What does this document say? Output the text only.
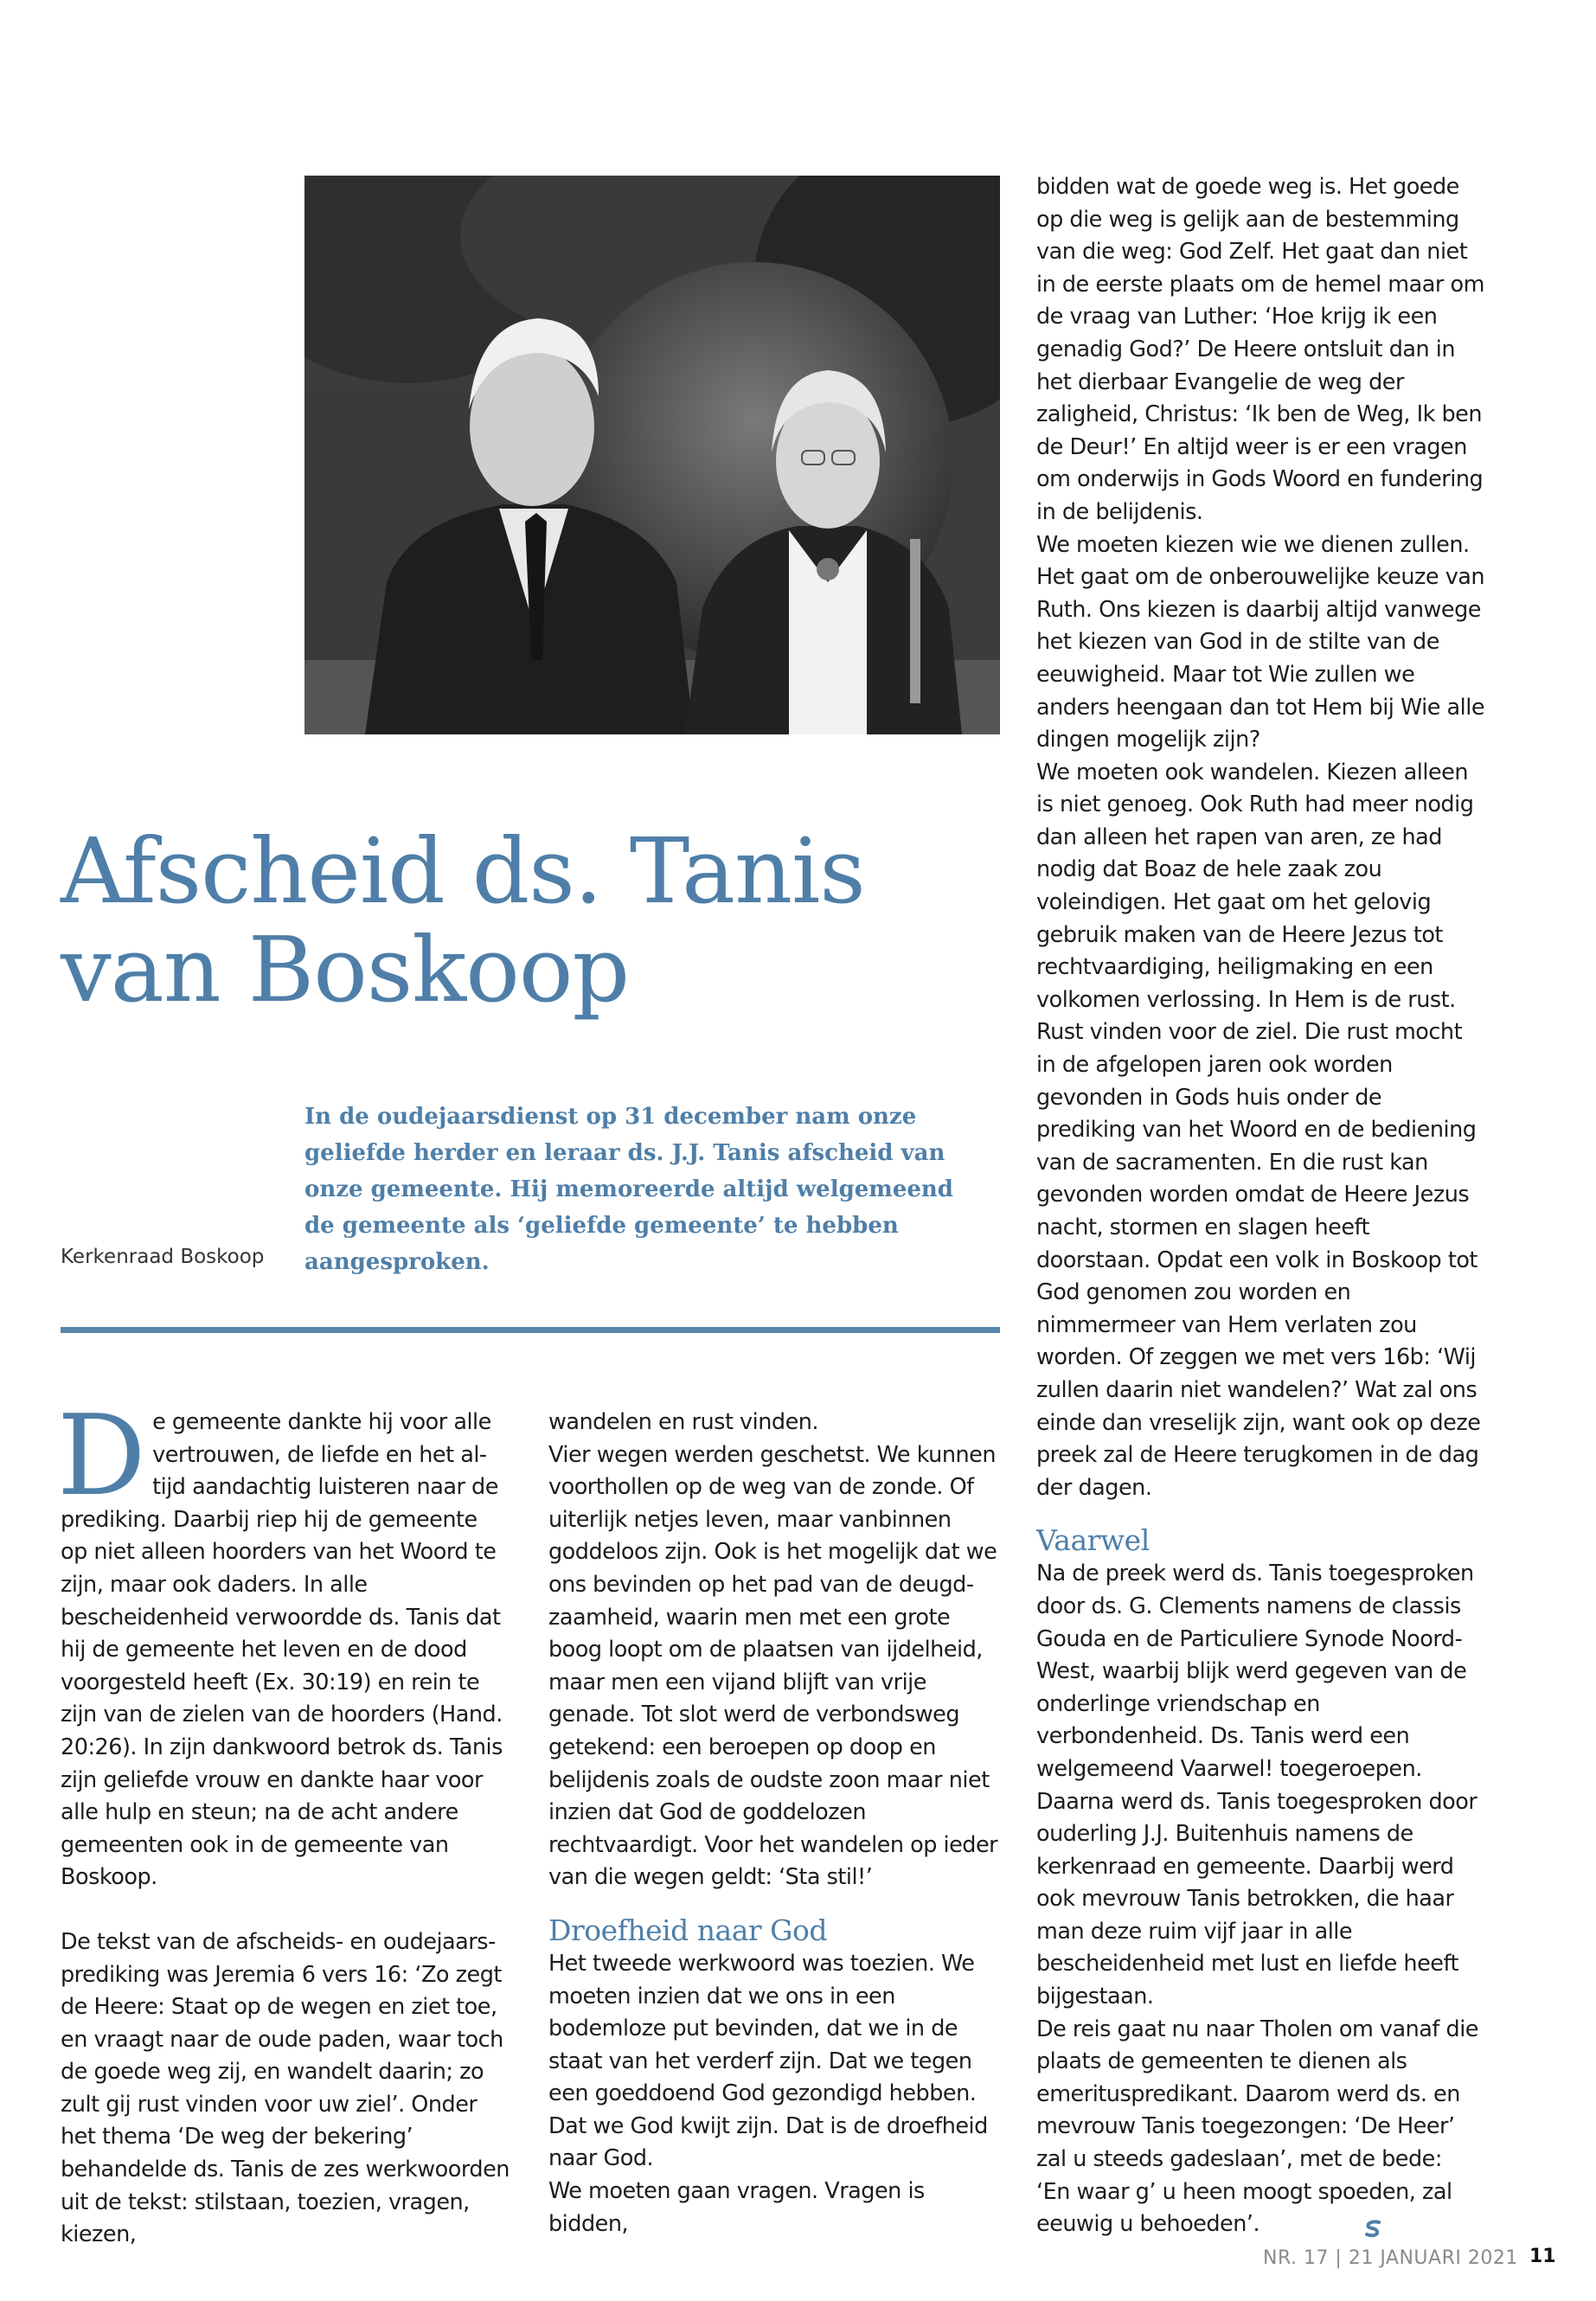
Afscheid ds. Tanis
van Boskoop
In de oudejaarsdienst op 31 december nam onze geliefde herder en leraar ds. J.J. Tanis afscheid van onze gemeente. Hij memoreerde altijd welgemeend de gemeente als ‘geliefde gemeente’ te hebben aangesproken.
Kerkenraad Boskoop

De gemeente dankte hij voor alle vertrouwen, de liefde en het altijd aandachtig luisteren naar de prediking. Daarbij riep hij de gemeente op niet alleen hoorders van het Woord te zijn, maar ook daders. In alle bescheidenheid verwoordde ds. Tanis dat hij de gemeente het leven en de dood voorgesteld heeft (Ex. 30:19) en rein te zijn van de zielen van de hoorders (Hand. 20:26). In zijn dankwoord betrok ds. Tanis zijn geliefde vrouw en dankte haar voor alle hulp en steun; na de acht andere gemeenten ook in de gemeente van Boskoop.

De tekst van de afscheids- en oudejaarsprediking was Jeremia 6 vers 16: ‘Zo zegt de Heere: Staat op de wegen en ziet toe, en vraagt naar de oude paden, waar toch de goede weg zij, en wandelt daarin; zo zult gij rust vinden voor uw ziel’. Onder het thema ‘De weg der bekering’ behandelde ds. Tanis de zes werkwoorden uit de tekst: stilstaan, toezien, vragen, kiezen,

wandelen en rust vinden.

Vier wegen werden geschetst. We kunnen voorthollen op de weg van de zonde. Of uiterlijk netjes leven, maar vanbinnen goddeloos zijn. Ook is het mogelijk dat we ons bevinden op het pad van de deugdzaamheid, waarin men met een grote boog loopt om de plaatsen van ijdelheid, maar men een vijand blijft van vrije genade. Tot slot werd de verbondsweg getekend: een beroepen op doop en belijdenis zoals de oudste zoon maar niet inzien dat God de goddelozen rechtvaardigt. Voor het wandelen op ieder van die wegen geldt: ‘Sta stil!’

Droefheid naar God

Het tweede werkwoord was toezien. We moeten inzien dat we ons in een bodemloze put bevinden, dat we in de staat van het verderf zijn. Dat we tegen een goeddoend God gezondigd hebben. Dat we God kwijt zijn. Dat is de droefheid naar God.

We moeten gaan vragen. Vragen is bidden,

bidden wat de goede weg is. Het goede op die weg is gelijk aan de bestemming van die weg: God Zelf. Het gaat dan niet in de eerste plaats om de hemel maar om de vraag van Luther: ‘Hoe krijg ik een genadig God?’ De Heere ontsluit dan in het dierbaar Evangelie de weg der zaligheid, Christus: ‘Ik ben de Weg, Ik ben de Deur!’ En altijd weer is er een vragen om onderwijs in Gods Woord en fundering in de belijdenis.

We moeten kiezen wie we dienen zullen. Het gaat om de onberouwelijke keuze van Ruth. Ons kiezen is daarbij altijd vanwege het kiezen van God in de stilte van de eeuwigheid. Maar tot Wie zullen we anders heengaan dan tot Hem bij Wie alle dingen mogelijk zijn?

We moeten ook wandelen. Kiezen alleen is niet genoeg. Ook Ruth had meer nodig dan alleen het rapen van aren, ze had nodig dat Boaz de hele zaak zou voleindigen. Het gaat om het gelovig gebruik maken van de Heere Jezus tot rechtvaardiging, heiligmaking en een volkomen verlossing. In Hem is de rust.

Rust vinden voor de ziel. Die rust mocht in de afgelopen jaren ook worden gevonden in Gods huis onder de prediking van het Woord en de bediening van de sacramenten. En die rust kan gevonden worden omdat de Heere Jezus nacht, stormen en slagen heeft doorstaan. Opdat een volk in Boskoop tot God genomen zou worden en nimmermeer van Hem verlaten zou worden. Of zeggen we met vers 16b: ‘Wij zullen daarin niet wandelen?’ Wat zal ons einde dan vreselijk zijn, want ook op deze preek zal de Heere terugkomen in de dag der dagen.

Vaarwel

Na de preek werd ds. Tanis toegesproken door ds. G. Clements namens de classis Gouda en de Particuliere Synode Noord-West, waarbij blijk werd gegeven van de onderlinge vriendschap en verbondenheid. Ds. Tanis werd een welgemeend Vaarwel! toegeroepen. Daarna werd ds. Tanis toegesproken door ouderling J.J. Buitenhuis namens de kerkenraad en gemeente. Daarbij werd ook mevrouw Tanis betrokken, die haar man deze ruim vijf jaar in alle bescheidenheid met lust en liefde heeft bijgestaan.

De reis gaat nu naar Tholen om vanaf die plaats de gemeenten te dienen als emerituspredikant. Daarom werd ds. en mevrouw Tanis toegezongen: ‘De Heer’ zal u steeds gadeslaan’, met de bede:

‘En waar g’ u heen moogt spoeden, zal eeuwig u behoeden’.

NR. 17 | 21 JANUARI 2021 11
